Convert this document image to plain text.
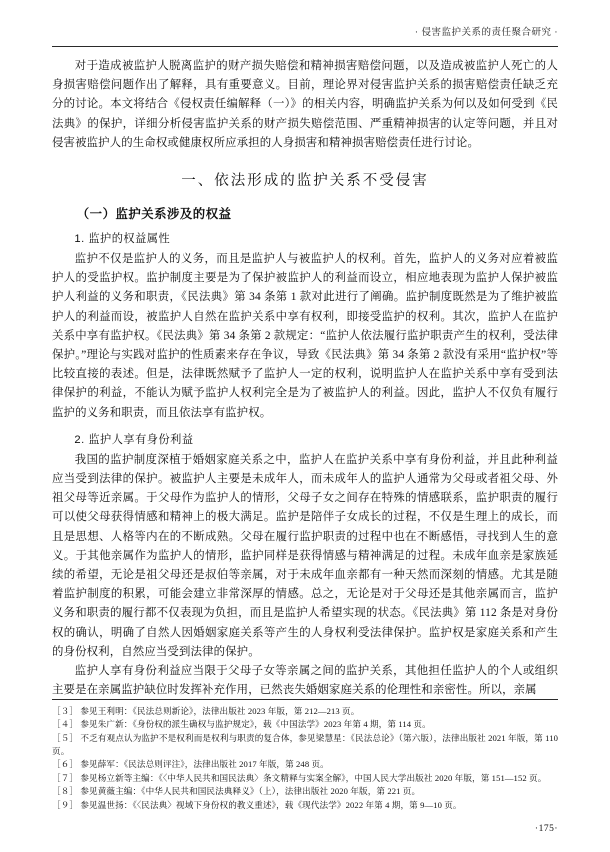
· 侵害监护关系的责任聚合研究 ·

对于造成被监护人脱离监护的财产损失赔偿和精神损害赔偿问题，以及造成被监护人死亡的人身损害赔偿问题作出了解释，具有重要意义。目前，理论界对侵害监护关系的损害赔偿责任缺乏充分的讨论。本文将结合《侵权责任编解释（一）》的相关内容，明确监护关系为何以及如何受到《民法典》的保护，详细分析侵害监护关系的财产损失赔偿范围、严重精神损害的认定等问题，并且对侵害被监护人的生命权或健康权所应承担的人身损害和精神损害赔偿责任进行讨论。

一、依法形成的监护关系不受侵害
（一）监护关系涉及的权益
1. 监护的权益属性

监护不仅是监护人的义务，而且是监护人与被监护人的权利。首先，监护人的义务对应着被监护人的受监护权。监护制度主要是为了保护被监护人的利益而设立，相应地表现为监护人保护被监护人利益的义务和职责，《民法典》第 34 条第 1 款对此进行了阐确。监护制度既然是为了维护被监护人的利益而设，被监护人自然在监护关系中享有权利，即接受监护的权利。其次，监护人在监护关系中享有监护权。《民法典》第 34 条第 2 款规定：“监护人依法履行监护职责产生的权利，受法律保护。”理论与实践对监护的性质素来存在争议，导致《民法典》第 34 条第 2 款没有采用“监护权”等比较直接的表述。但是，法律既然赋予了监护人一定的权利，说明监护人在监护关系中享有受到法律保护的利益，不能认为赋予监护人权利完全是为了被监护人的利益。因此，监护人不仅负有履行监护的义务和职责，而且依法享有监护权。

2. 监护人享有身份利益

我国的监护制度深植于婚姻家庭关系之中，监护人在监护关系中享有身份利益，并且此种利益应当受到法律的保护。被监护人主要是未成年人，而未成年人的监护人通常为父母或者祖父母、外祖父母等近亲属。于父母作为监护人的情形，父母子女之间存在特殊的情感联系，监护职责的履行可以使父母获得情感和精神上的极大满足。监护是陪伴子女成长的过程，不仅是生理上的成长，而且是思想、人格等内在的不断成熟。父母在履行监护职责的过程中也在不断感悟，寻找到人生的意义。于其他亲属作为监护人的情形，监护同样是获得情感与精神满足的过程。未成年血亲是家族延续的希望，无论是祖父母还是叔伯等亲属，对于未成年血亲都有一种天然而深刻的情感。尤其是随着监护制度的积累，可能会建立非常深厚的情感。总之，无论是对于父母还是其他亲属而言，监护义务和职责的履行都不仅表现为负担，而且是监护人希望实现的状态。《民法典》第 112 条是对身份权的确认，明确了自然人因婚姻家庭关系等产生的人身权利受法律保护。监护权是家庭关系和产生的身份权利，自然应当受到法律的保护。

监护人享有身份利益应当限于父母子女等亲属之间的监护关系，其他担任监护人的个人或组织主要是在亲属监护缺位时发挥补充作用，已然丧失婚姻家庭关系的伦理性和亲密性。所以，亲属

［３］ 参见王利明：《民法总则新论》，法律出版社 2023 年版，第 212—213 页。

［４］ 参见朱广新：《身份权的派生确权与监护规定》，载《中国法学》2023 年第 4 期，第 114 页。

［５］ 不乏有观点认为监护不是权利而是权利与职责的复合体，参见梁慧星：《民法总论》（第六版），法律出版社 2021 年版，第 110 页。

［６］ 参见薛军：《民法总则评注》，法律出版社 2017 年版，第 248 页。

［７］ 参见杨立新等主编：《〈中华人民共和国民法典〉条文精释与实案全解》，中国人民大学出版社 2020 年版，第 151—152 页。

［８］ 参见黄薇主编：《中华人民共和国民法典释义》（上），法律出版社 2020 年版，第 221 页。

［９］ 参见温世扬：《〈民法典〉视域下身份权的教义重述》，载《现代法学》2022 年第 4 期，第 9—10 页。

·175·
